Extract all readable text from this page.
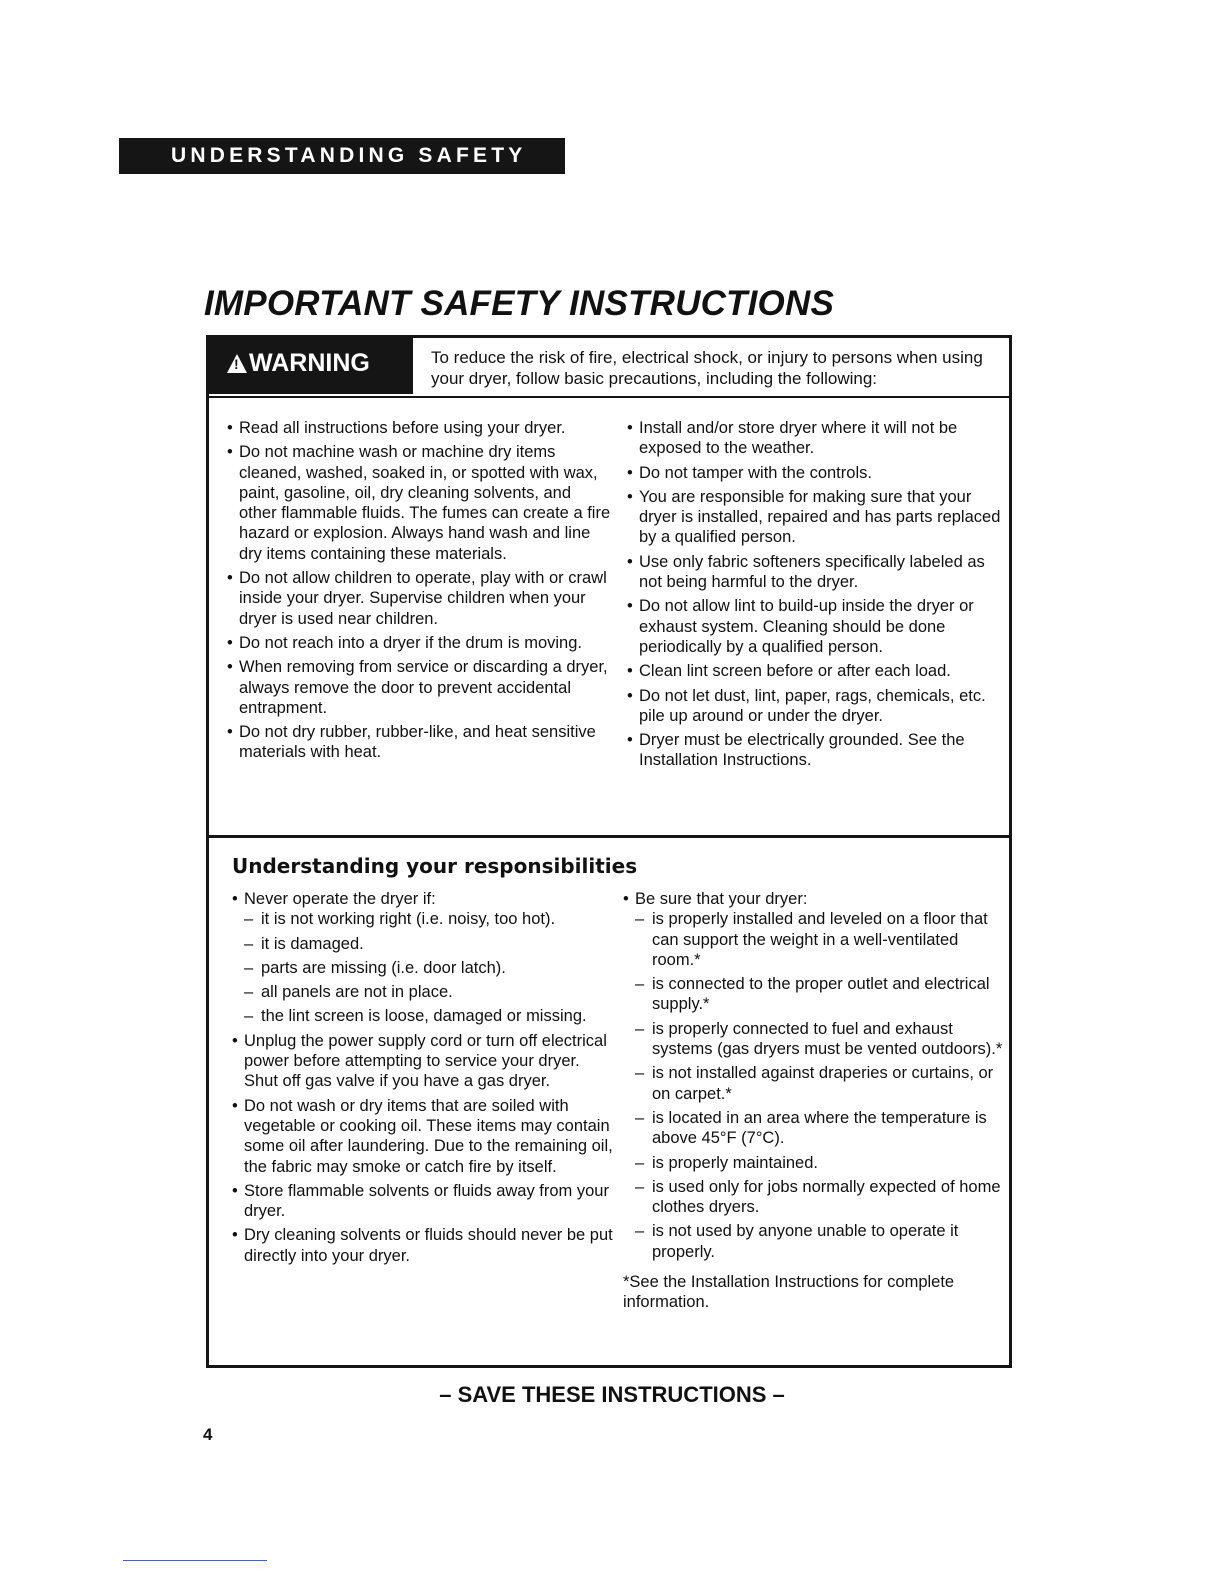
UNDERSTANDING SAFETY
IMPORTANT SAFETY INSTRUCTIONS
!WARNING	To reduce the risk of fire, electrical shock, or injury to persons when using your dryer, follow basic precautions, including the following:
• Read all instructions before using your dryer.
• Do not machine wash or machine dry items cleaned, washed, soaked in, or spotted with wax, paint, gasoline, oil, dry cleaning solvents, and other flammable fluids. The fumes can create a fire hazard or explosion. Always hand wash and line dry items containing these materials.
• Do not allow children to operate, play with or crawl inside your dryer. Supervise children when your dryer is used near children.
• Do not reach into a dryer if the drum is moving.
• When removing from service or discarding a dryer, always remove the door to prevent accidental entrapment.
• Do not dry rubber, rubber-like, and heat sensitive materials with heat.
• Install and/or store dryer where it will not be exposed to the weather.
• Do not tamper with the controls.
• You are responsible for making sure that your dryer is installed, repaired and has parts replaced by a qualified person.
• Use only fabric softeners specifically labeled as not being harmful to the dryer.
• Do not allow lint to build-up inside the dryer or exhaust system. Cleaning should be done periodically by a qualified person.
• Clean lint screen before or after each load.
• Do not let dust, lint, paper, rags, chemicals, etc. pile up around or under the dryer.
• Dryer must be electrically grounded. See the Installation Instructions.
Understanding your responsibilities
• Never operate the dryer if:
– it is not working right (i.e. noisy, too hot).
– it is damaged.
– parts are missing (i.e. door latch).
– all panels are not in place.
– the lint screen is loose, damaged or missing.
• Unplug the power supply cord or turn off electrical power before attempting to service your dryer. Shut off gas valve if you have a gas dryer.
• Do not wash or dry items that are soiled with vegetable or cooking oil. These items may contain some oil after laundering. Due to the remaining oil, the fabric may smoke or catch fire by itself.
• Store flammable solvents or fluids away from your dryer.
• Dry cleaning solvents or fluids should never be put directly into your dryer.
• Be sure that your dryer:
– is properly installed and leveled on a floor that can support the weight in a well-ventilated room.*
– is connected to the proper outlet and electrical supply.*
– is properly connected to fuel and exhaust systems (gas dryers must be vented outdoors).*
– is not installed against draperies or curtains, or on carpet.*
– is located in an area where the temperature is above 45°F (7°C).
– is properly maintained.
– is used only for jobs normally expected of home clothes dryers.
– is not used by anyone unable to operate it properly.
*See the Installation Instructions for complete information.

– SAVE THESE INSTRUCTIONS –

4
